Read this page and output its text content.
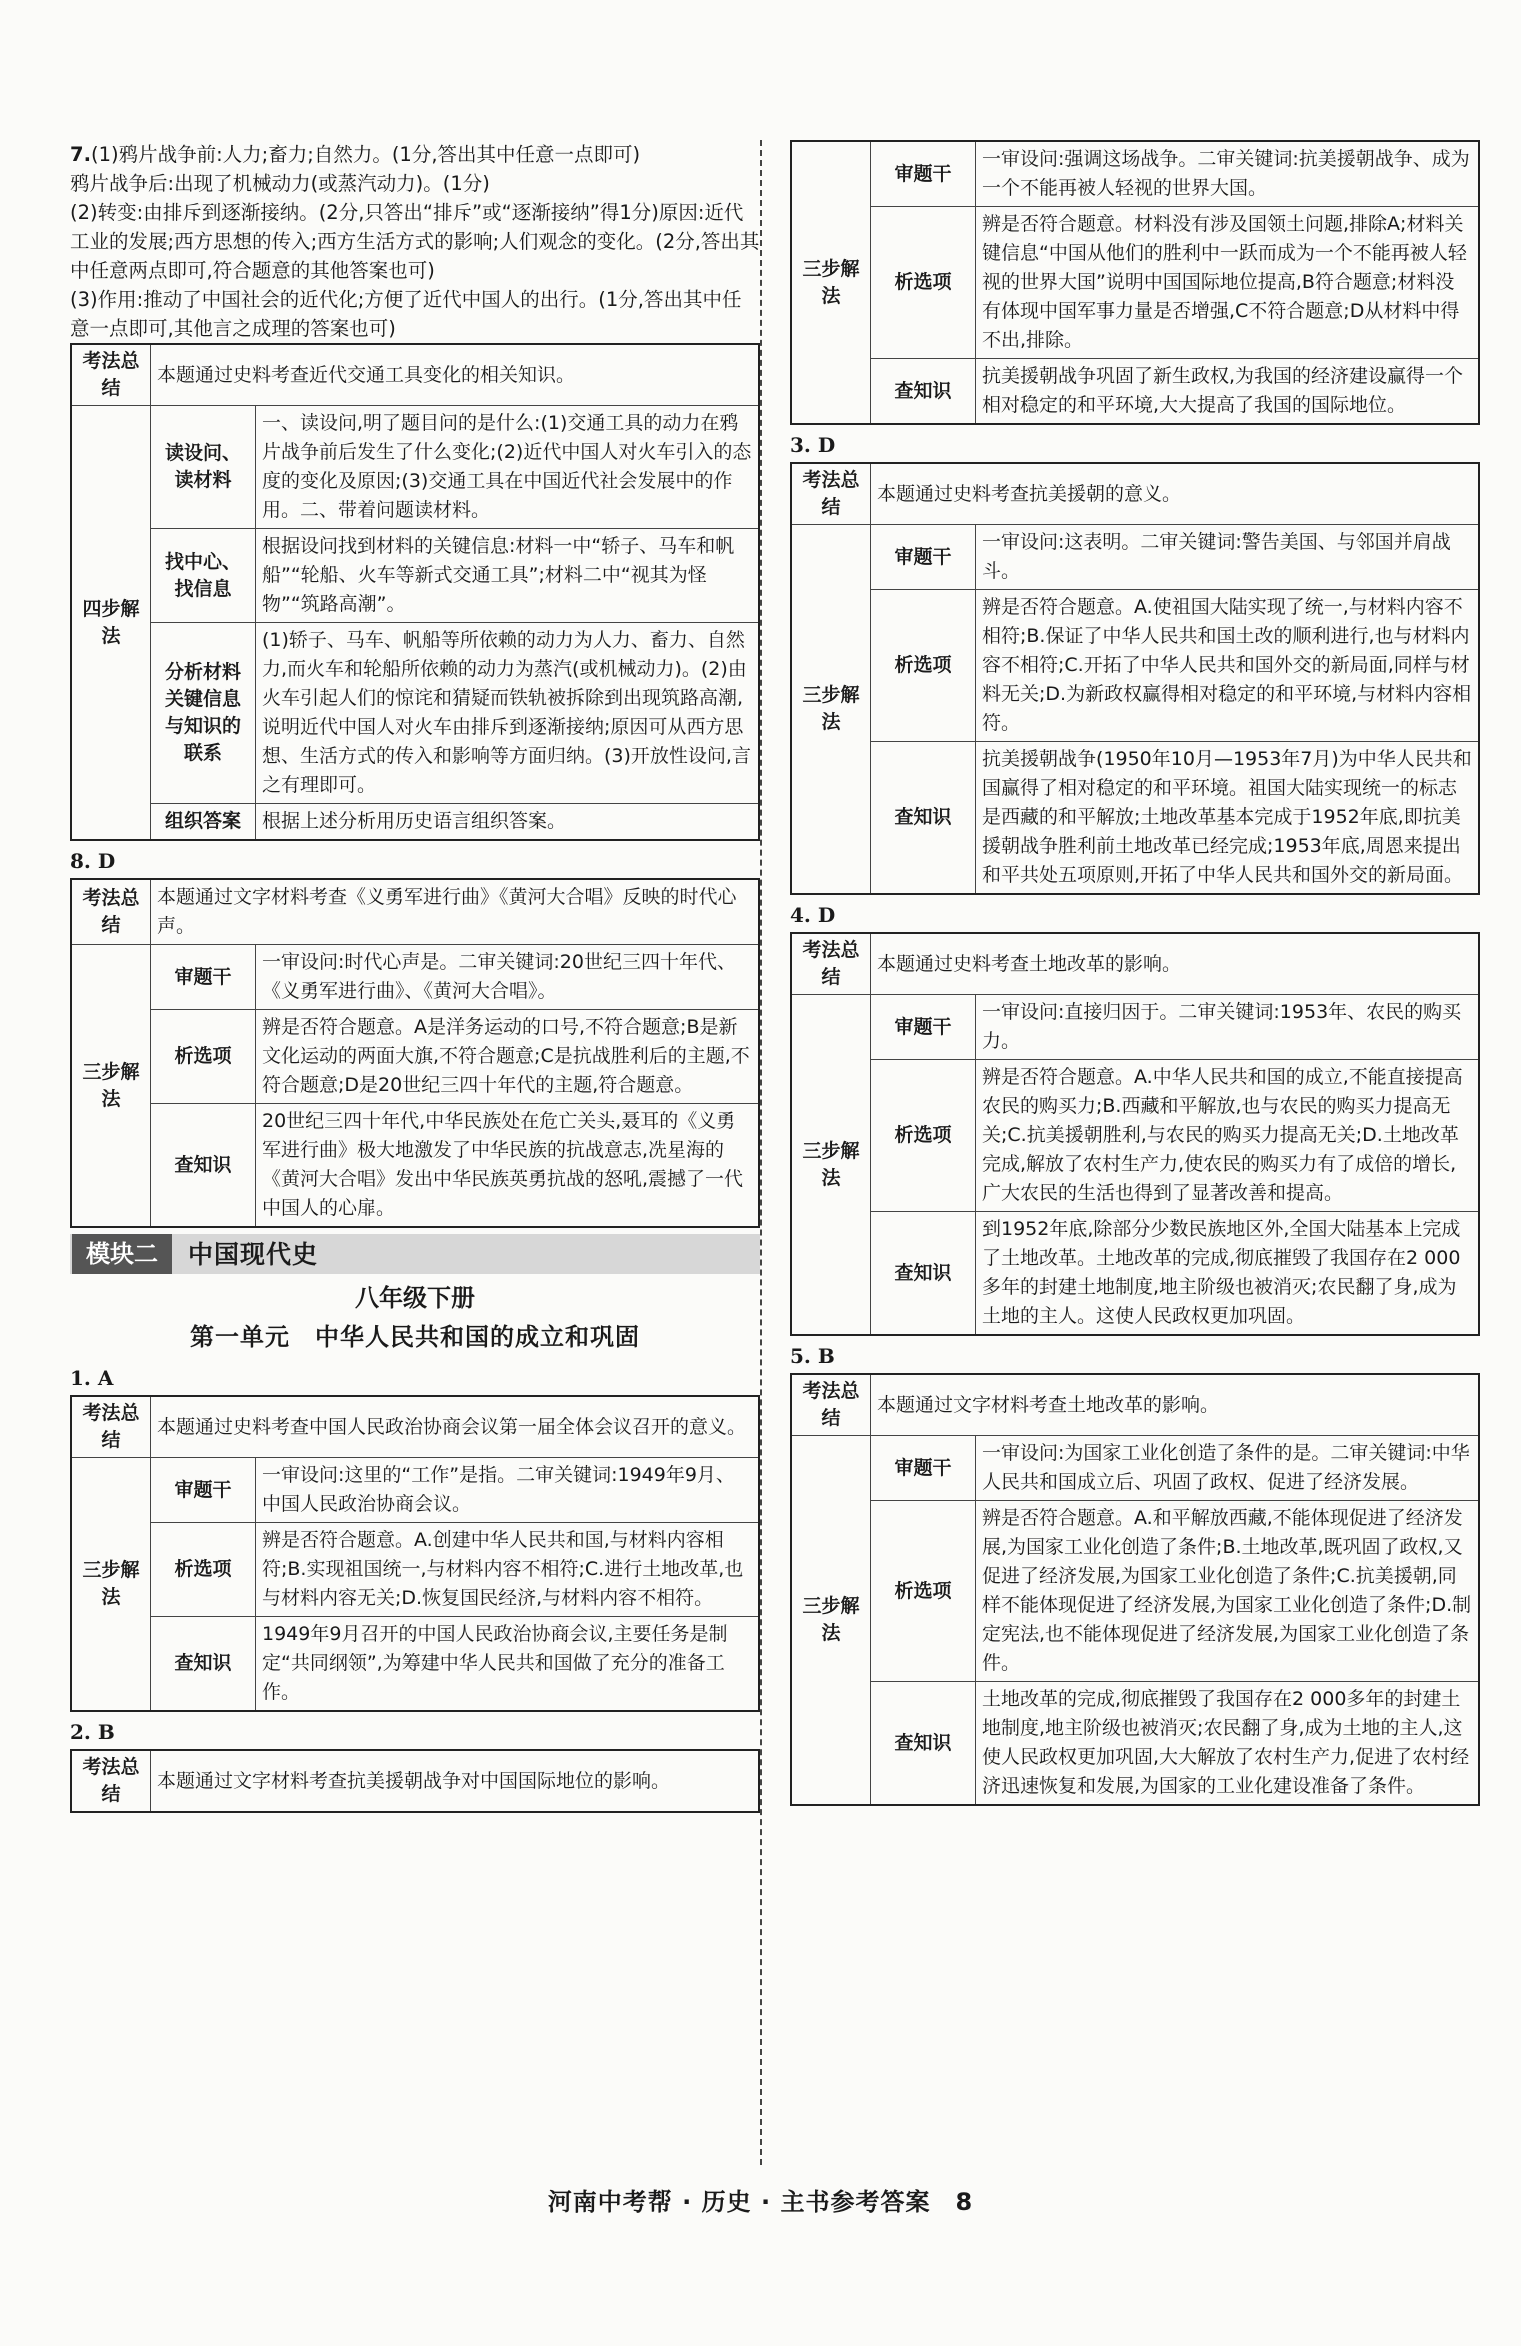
7.(1)鸦片战争前:人力;畜力;自然力。(1分,答出其中任意一点即可)

鸦片战争后:出现了机械动力(或蒸汽动力)。(1分)

(2)转变:由排斥到逐渐接纳。(2分,只答出“排斥”或“逐渐接纳”得1分)原因:近代工业的发展;西方思想的传入;西方生活方式的影响;人们观念的变化。(2分,答出其中任意两点即可,符合题意的其他答案也可)

(3)作用:推动了中国社会的近代化;方便了近代中国人的出行。(1分,答出其中任意一点即可,其他言之成理的答案也可)

考法总结	本题通过史料考查近代交通工具变化的相关知识。	
四步解法	读设问、读材料	一、读设问,明了题目问的是什么:(1)交通工具的动力在鸦片战争前后发生了什么变化;(2)近代中国人对火车引入的态度的变化及原因;(3)交通工具在中国近代社会发展中的作用。二、带着问题读材料。
	找中心、找信息	根据设问找到材料的关键信息:材料一中“轿子、马车和帆船”“轮船、火车等新式交通工具”;材料二中“视其为怪物”“筑路高潮”。
	分析材料关键信息与知识的联系	(1)轿子、马车、帆船等所依赖的动力为人力、畜力、自然力,而火车和轮船所依赖的动力为蒸汽(或机械动力)。(2)由火车引起人们的惊诧和猜疑而铁轨被拆除到出现筑路高潮,说明近代中国人对火车由排斥到逐渐接纳;原因可从西方思想、生活方式的传入和影响等方面归纳。(3)开放性设问,言之有理即可。
	组织答案	根据上述分析用历史语言组织答案。
8. D
考法总结	本题通过文字材料考查《义勇军进行曲》《黄河大合唱》反映的时代心声。	
三步解法	审题干	一审设问:时代心声是。二审关键词:20世纪三四十年代、《义勇军进行曲》、《黄河大合唱》。
	析选项	辨是否符合题意。A是洋务运动的口号,不符合题意;B是新文化运动的两面大旗,不符合题意;C是抗战胜利后的主题,不符合题意;D是20世纪三四十年代的主题,符合题意。
	查知识	20世纪三四十年代,中华民族处在危亡关头,聂耳的《义勇军进行曲》极大地激发了中华民族的抗战意志,冼星海的《黄河大合唱》发出中华民族英勇抗战的怒吼,震撼了一代中国人的心扉。
模块二	中国现代史
八年级下册
第一单元　中华人民共和国的成立和巩固
1. A
考法总结	本题通过史料考查中国人民政治协商会议第一届全体会议召开的意义。	
三步解法	审题干	一审设问:这里的“工作”是指。二审关键词:1949年9月、中国人民政治协商会议。
	析选项	辨是否符合题意。A.创建中华人民共和国,与材料内容相符;B.实现祖国统一,与材料内容不相符;C.进行土地改革,也与材料内容无关;D.恢复国民经济,与材料内容不相符。
	查知识	1949年9月召开的中国人民政治协商会议,主要任务是制定“共同纲领”,为筹建中华人民共和国做了充分的准备工作。
2. B
考法总结	本题通过文字材料考查抗美援朝战争对中国国际地位的影响。
三步解法	审题干	一审设问:强调这场战争。二审关键词:抗美援朝战争、成为一个不能再被人轻视的世界大国。
	析选项	辨是否符合题意。材料没有涉及国领土问题,排除A;材料关键信息“中国从他们的胜利中一跃而成为一个不能再被人轻视的世界大国”说明中国国际地位提高,B符合题意;材料没有体现中国军事力量是否增强,C不符合题意;D从材料中得不出,排除。
	查知识	抗美援朝战争巩固了新生政权,为我国的经济建设赢得一个相对稳定的和平环境,大大提高了我国的国际地位。
3. D
考法总结	本题通过史料考查抗美援朝的意义。	
三步解法	审题干	一审设问:这表明。二审关键词:警告美国、与邻国并肩战斗。
	析选项	辨是否符合题意。A.使祖国大陆实现了统一,与材料内容不相符;B.保证了中华人民共和国土改的顺利进行,也与材料内容不相符;C.开拓了中华人民共和国外交的新局面,同样与材料无关;D.为新政权赢得相对稳定的和平环境,与材料内容相符。
	查知识	抗美援朝战争(1950年10月—1953年7月)为中华人民共和国赢得了相对稳定的和平环境。祖国大陆实现统一的标志是西藏的和平解放;土地改革基本完成于1952年底,即抗美援朝战争胜利前土地改革已经完成;1953年底,周恩来提出和平共处五项原则,开拓了中华人民共和国外交的新局面。
4. D
考法总结	本题通过史料考查土地改革的影响。	
三步解法	审题干	一审设问:直接归因于。二审关键词:1953年、农民的购买力。
	析选项	辨是否符合题意。A.中华人民共和国的成立,不能直接提高农民的购买力;B.西藏和平解放,也与农民的购买力提高无关;C.抗美援朝胜利,与农民的购买力提高无关;D.土地改革完成,解放了农村生产力,使农民的购买力有了成倍的增长,广大农民的生活也得到了显著改善和提高。
	查知识	到1952年底,除部分少数民族地区外,全国大陆基本上完成了土地改革。土地改革的完成,彻底摧毁了我国存在2 000多年的封建土地制度,地主阶级也被消灭;农民翻了身,成为土地的主人。这使人民政权更加巩固。
5. B
考法总结	本题通过文字材料考查土地改革的影响。	
三步解法	审题干	一审设问:为国家工业化创造了条件的是。二审关键词:中华人民共和国成立后、巩固了政权、促进了经济发展。
	析选项	辨是否符合题意。A.和平解放西藏,不能体现促进了经济发展,为国家工业化创造了条件;B.土地改革,既巩固了政权,又促进了经济发展,为国家工业化创造了条件;C.抗美援朝,同样不能体现促进了经济发展,为国家工业化创造了条件;D.制定宪法,也不能体现促进了经济发展,为国家工业化创造了条件。
	查知识	土地改革的完成,彻底摧毁了我国存在2 000多年的封建土地制度,地主阶级也被消灭;农民翻了身,成为土地的主人,这使人民政权更加巩固,大大解放了农村生产力,促进了农村经济迅速恢复和发展,为国家的工业化建设准备了条件。
河南中考帮 · 历史 · 主书参考答案　8
